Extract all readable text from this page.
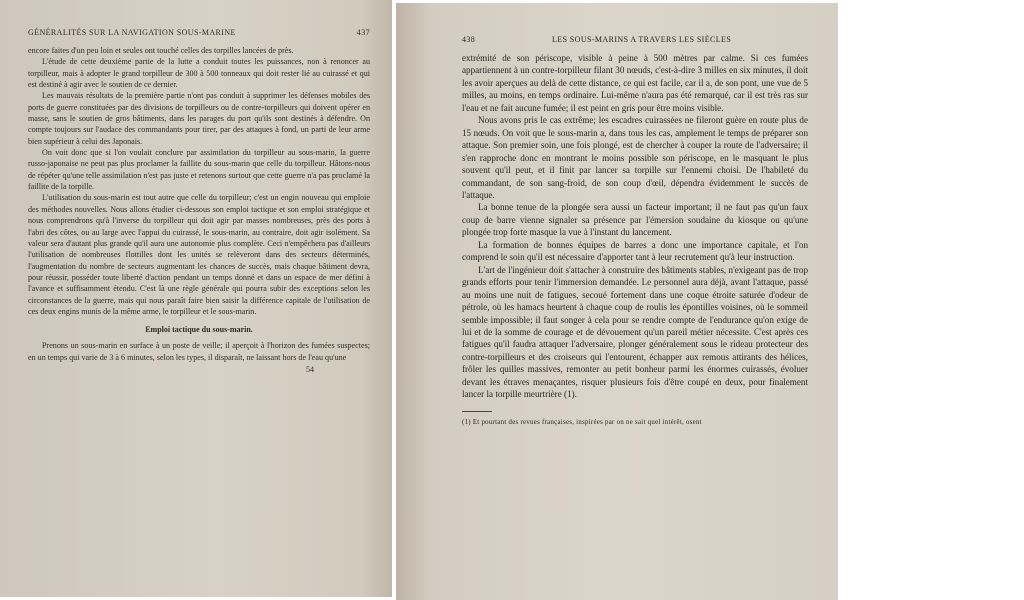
GÉNÉRALITÉS SUR LA NAVIGATION SOUS-MARINE	437

encore faites d'un peu loin et seules ont touché celles des torpilles lancées de près.

L'étude de cette deuxième partie de la lutte a conduit toutes les puissances, non à renoncer au torpilleur, mais à adopter le grand torpilleur de 300 à 500 tonneaux qui doit rester lié au cuirassé et qui est destiné à agir avec le soutien de ce dernier.

Les mauvais résultats de la première partie n'ont pas conduit à supprimer les défenses mobiles des ports de guerre constituées par des divisions de torpilleurs ou de contre-torpilleurs qui doivent opérer en masse, sans le soutien de gros bâtiments, dans les parages du port qu'ils sont destinés à défendre. On compte toujours sur l'audace des commandants pour tirer, par des attaques à fond, un parti de leur arme bien supérieur à celui des Japonais.

On voit donc que si l'on voulait conclure par assimilation du torpilleur au sous-marin, la guerre russo-japonaise ne peut pas plus proclamer la faillite du sous-marin que celle du torpilleur. Hâtons-nous de répéter qu'une telle assimilation n'est pas juste et retenons surtout que cette guerre n'a pas proclamé la faillite de la torpille.

L'utilisation du sous-marin est tout autre que celle du torpilleur; c'est un engin nouveau qui emploie des méthodes nouvelles. Nous allons étudier ci-dessous son emploi tactique et son emploi stratégique et nous comprendrons qu'à l'inverse du torpilleur qui doit agir par masses nombreuses, près des ports à l'abri des côtes, ou au large avec l'appui du cuirassé, le sous-marin, au contraire, doit agir isolément. Sa valeur sera d'autant plus grande qu'il aura une autonomie plus complète. Ceci n'empêchera pas d'ailleurs l'utilisation de nombreuses flottilles dont les unités se relèveront dans des secteurs déterminés, l'augmentation du nombre de secteurs augmentant les chances de succès, mais chaque bâtiment devra, pour réussir, posséder toute liberté d'action pendant un temps donné et dans un espace de mer défini à l'avance et suffisamment étendu. C'est là une règle générale qui pourra subir des exceptions selon les circonstances de la guerre, mais qui nous paraît faire bien saisir la différence capitale de l'utilisation de ces deux engins munis de la même arme, le torpilleur et le sous-marin.

Emploi tactique du sous-marin.

Prenons un sous-marin en surface à un poste de veille; il aperçoit à l'horizon des fumées suspectes; en un temps qui varie de 3 à 6 minutes, selon les types, il disparaît, ne laissant hors de l'eau qu'une

54
438	LES SOUS-MARINS A TRAVERS LES SIÈCLES

extrémité de son périscope, visible à peine à 500 mètres par calme. Si ces fumées appartiennent à un contre-torpilleur filant 30 nœuds, c'est-à-dire 3 milles en six minutes, il doit les avoir aperçues au delà de cette distance, ce qui est facile, car il a, de son pont, une vue de 5 milles, au moins, en temps ordinaire. Lui-même n'aura pas été remarqué, car il est très ras sur l'eau et ne fait aucune fumée; il est peint en gris pour être moins visible.

Nous avons pris le cas extrême; les escadres cuirassées ne fileront guère en route plus de 15 nœuds. On voit que le sous-marin a, dans tous les cas, amplement le temps de préparer son attaque. Son premier soin, une fois plongé, est de chercher à couper la route de l'adversaire; il s'en rapproche donc en montrant le moins possible son périscope, en le masquant le plus souvent qu'il peut, et il finit par lancer sa torpille sur l'ennemi choisi. De l'habileté du commandant, de son sang-froid, de son coup d'œil, dépendra évidemment le succès de l'attaque.

La bonne tenue de la plongée sera aussi un facteur important; il ne faut pas qu'un faux coup de barre vienne signaler sa présence par l'émersion soudaine du kiosque ou qu'une plongée trop forte masque la vue à l'instant du lancement.

La formation de bonnes équipes de barres a donc une importance capitale, et l'on comprend le soin qu'il est nécessaire d'apporter tant à leur recrutement qu'à leur instruction.

L'art de l'ingénieur doit s'attacher à construire des bâtiments stables, n'exigeant pas de trop grands efforts pour tenir l'immersion demandée. Le personnel aura déjà, avant l'attaque, passé au moins une nuit de fatigues, secoué fortement dans une coque étroite saturée d'odeur de pétrole, où les hamacs heurtent à chaque coup de roulis les épontilles voisines, où le sommeil semble impossible; il faut songer à cela pour se rendre compte de l'endurance qu'on exige de lui et de la somme de courage et de dévouement qu'un pareil métier nécessite. C'est après ces fatigues qu'il faudra attaquer l'adversaire, plonger généralement sous le rideau protecteur des contre-torpilleurs et des croiseurs qui l'entourent, échapper aux remous attirants des hélices, frôler les quilles massives, remonter au petit bonheur parmi les énormes cuirassés, évoluer devant les étraves menaçantes, risquer plusieurs fois d'être coupé en deux, pour finalement lancer la torpille meurtrière (1).

(1) Et pourtant des revues françaises, inspirées par on ne sait quel intérêt, osent
